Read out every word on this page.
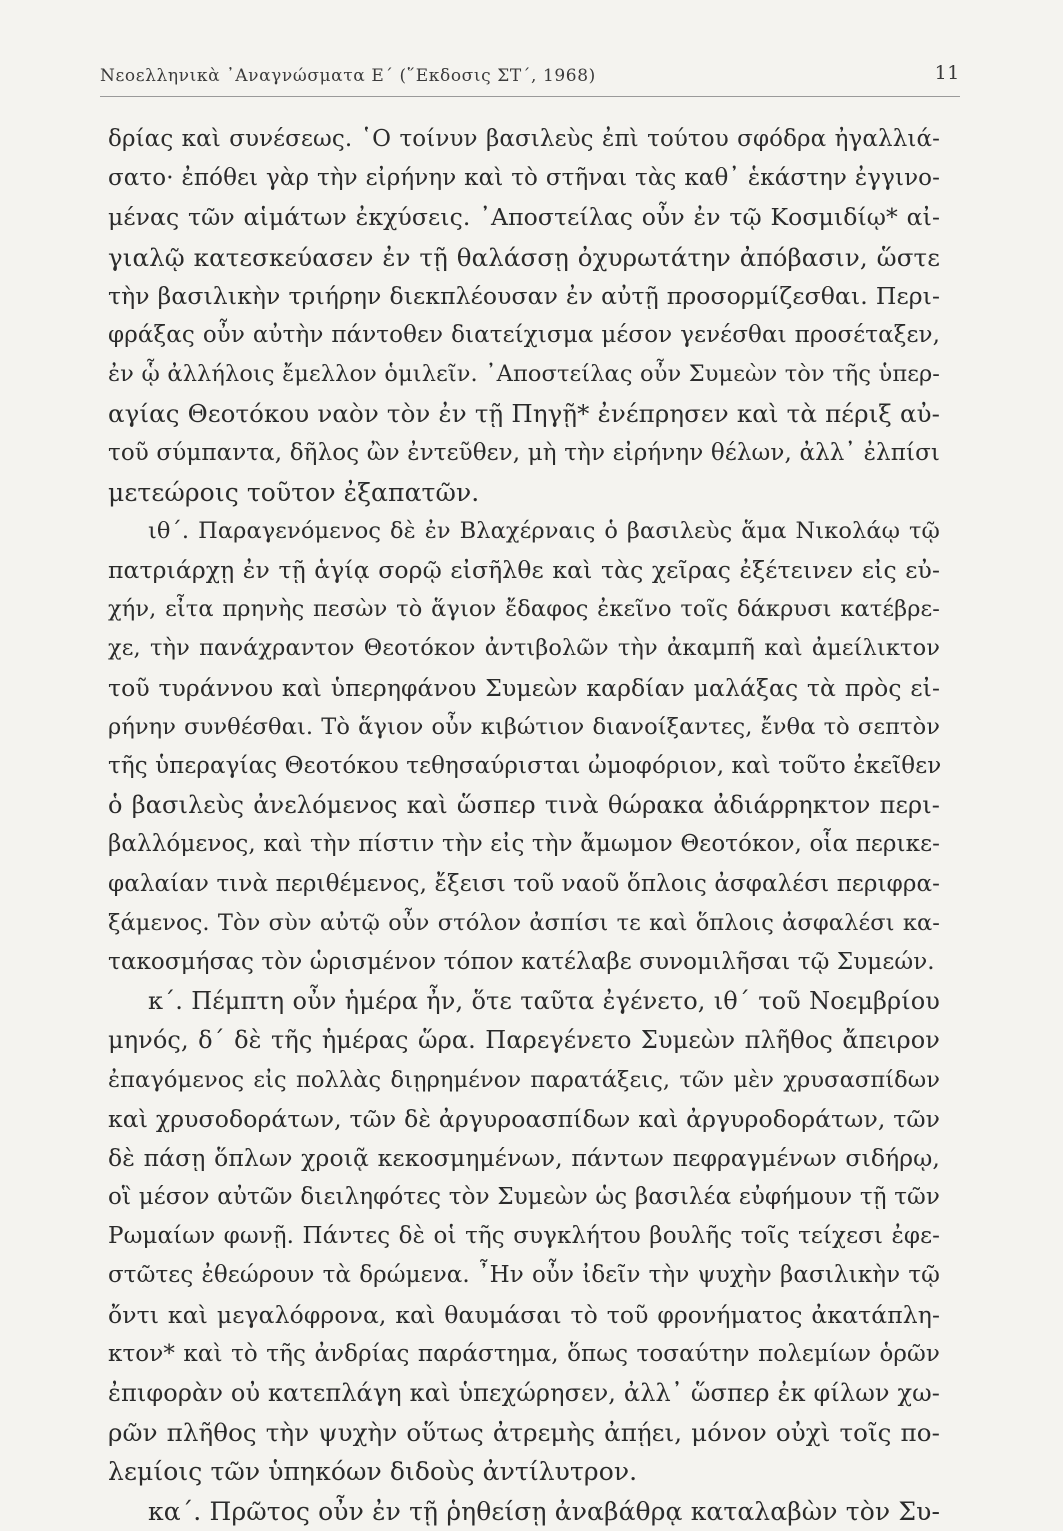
Νεοελληνικὰ ᾿Αναγνώσματα Ε΄ (῞Εκδοσις ΣΤ΄, 1968)	11
δρίας καὶ συνέσεως. ῾Ο τοίνυν βασιλεὺς ἐπὶ τούτου σφόδρα ἠγαλλιά-
σατο· ἐπόθει γὰρ τὴν εἰρήνην καὶ τὸ στῆναι τὰς καθ᾿ ἑκάστην ἐγγινο-
μένας τῶν αἱμάτων ἐκχύσεις. ᾿Αποστείλας οὖν ἐν τῷ Κοσμιδίῳ* αἰ-
γιαλῷ κατεσκεύασεν ἐν τῇ θαλάσσῃ ὀχυρωτάτην ἀπόβασιν, ὥστε
τὴν βασιλικὴν τριήρην διεκπλέουσαν ἐν αὐτῇ προσορμίζεσθαι. Περι-
φράξας οὖν αὐτὴν πάντοθεν διατείχισμα μέσον γενέσθαι προσέταξεν,
ἐν ᾧ ἀλλήλοις ἔμελλον ὁμιλεῖν. ᾿Αποστείλας οὖν Συμεὼν τὸν τῆς ὑπερ-
αγίας Θεοτόκου ναὸν τὸν ἐν τῇ Πηγῇ* ἐνέπρησεν καὶ τὰ πέριξ αὐ-
τοῦ σύμπαντα, δῆλος ὢν ἐντεῦθεν, μὴ τὴν εἰρήνην θέλων, ἀλλ᾿ ἐλπίσι
μετεώροις τοῦτον ἐξαπατῶν.
ιθ΄. Παραγενόμενος δὲ ἐν Βλαχέρναις ὁ βασιλεὺς ἅμα Νικολάῳ τῷ
πατριάρχῃ ἐν τῇ ἁγίᾳ σορῷ εἰσῆλθε καὶ τὰς χεῖρας ἐξέτεινεν εἰς εὐ-
χήν, εἶτα πρηνὴς πεσὼν τὸ ἅγιον ἔδαφος ἐκεῖνο τοῖς δάκρυσι κατέβρε-
χε, τὴν πανάχραντον Θεοτόκον ἀντιβολῶν τὴν ἀκαμπῆ καὶ ἀμείλικτον
τοῦ τυράννου καὶ ὑπερηφάνου Συμεὼν καρδίαν μαλάξας τὰ πρὸς εἰ-
ρήνην συνθέσθαι. Τὸ ἅγιον οὖν κιβώτιον διανοίξαντες, ἔνθα τὸ σεπτὸν
τῆς ὑπεραγίας Θεοτόκου τεθησαύρισται ὠμοφόριον, καὶ τοῦτο ἐκεῖθεν
ὁ βασιλεὺς ἀνελόμενος καὶ ὥσπερ τινὰ θώρακα ἀδιάρρηκτον περι-
βαλλόμενος, καὶ τὴν πίστιν τὴν εἰς τὴν ἄμωμον Θεοτόκον, οἷα περικε-
φαλαίαν τινὰ περιθέμενος, ἔξεισι τοῦ ναοῦ ὅπλοις ἀσφαλέσι περιφρα-
ξάμενος. Τὸν σὺν αὐτῷ οὖν στόλον ἀσπίσι τε καὶ ὅπλοις ἀσφαλέσι κα-
τακοσμήσας τὸν ὡρισμένον τόπον κατέλαβε συνομιλῆσαι τῷ Συμεών.
κ΄. Πέμπτη οὖν ἡμέρα ἦν, ὅτε ταῦτα ἐγένετο, ιθ΄ τοῦ Νοεμβρίου
μηνός, δ΄ δὲ τῆς ἡμέρας ὥρα. Παρεγένετο Συμεὼν πλῆθος ἄπειρον
ἐπαγόμενος εἰς πολλὰς διῃρημένον παρατάξεις, τῶν μὲν χρυσασπίδων
καὶ χρυσοδοράτων, τῶν δὲ ἀργυροασπίδων καὶ ἀργυροδοράτων, τῶν
δὲ πάσῃ ὅπλων χροιᾷ κεκοσμημένων, πάντων πεφραγμένων σιδήρῳ,
οἳ μέσον αὐτῶν διειληφότες τὸν Συμεὼν ὡς βασιλέα εὐφήμουν τῇ τῶν
Ρωμαίων φωνῇ. Πάντες δὲ οἱ τῆς συγκλήτου βουλῆς τοῖς τείχεσι ἐφε-
στῶτες ἐθεώρουν τὰ δρώμενα. ῏Ην οὖν ἰδεῖν τὴν ψυχὴν βασιλικὴν τῷ
ὄντι καὶ μεγαλόφρονα, καὶ θαυμάσαι τὸ τοῦ φρονήματος ἀκατάπλη-
κτον* καὶ τὸ τῆς ἀνδρίας παράστημα, ὅπως τοσαύτην πολεμίων ὁρῶν
ἐπιφορὰν οὐ κατεπλάγη καὶ ὑπεχώρησεν, ἀλλ᾿ ὥσπερ ἐκ φίλων χω-
ρῶν πλῆθος τὴν ψυχὴν οὕτως ἀτρεμὴς ἀπῄει, μόνον οὐχὶ τοῖς πο-
λεμίοις τῶν ὑπηκόων διδοὺς ἀντίλυτρον.
κα΄. Πρῶτος οὖν ἐν τῇ ῥηθείσῃ ἀναβάθρᾳ καταλαβὼν τὸν Συ-
